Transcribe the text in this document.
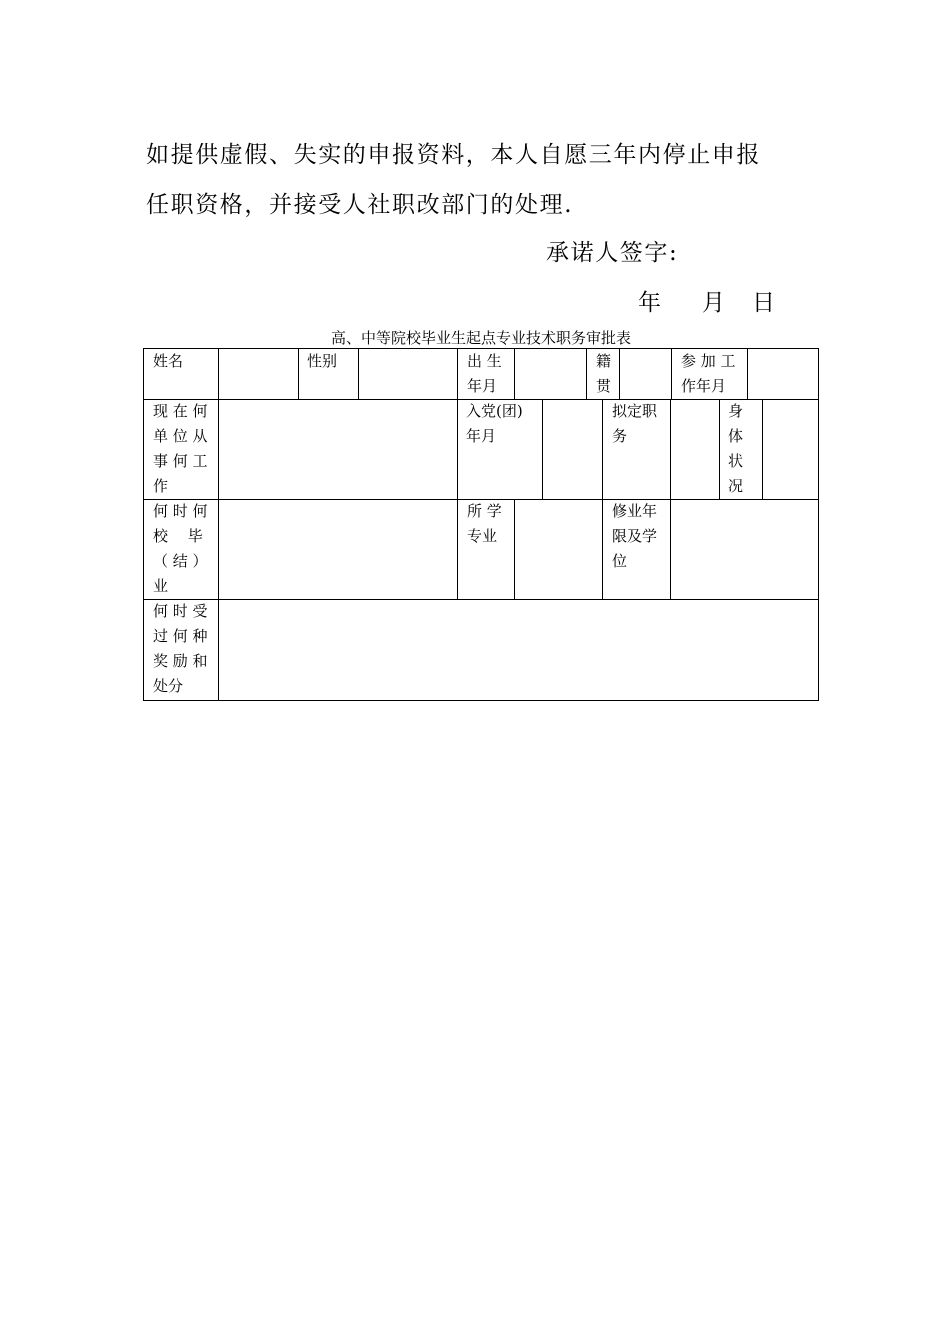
如提供虚假、失实的申报资料，本人自愿三年内停止申报
任职资格，并接受人社职改部门的处理.
承诺人签字:
年 月 日
高、中等院校毕业生起点专业技术职务审批表
姓名	性别	出 生
年月
籍
贯
参 加 工
作年月
现 在 何
单 位 从
事 何 工
作
入党(团)
年月
拟定职
务
身
体
状
况
何 时 何
校　 毕
（ 结 ）
业
所 学
专业
修业年
限及学
位
何 时 受
过 何 种
奖 励 和
处分
